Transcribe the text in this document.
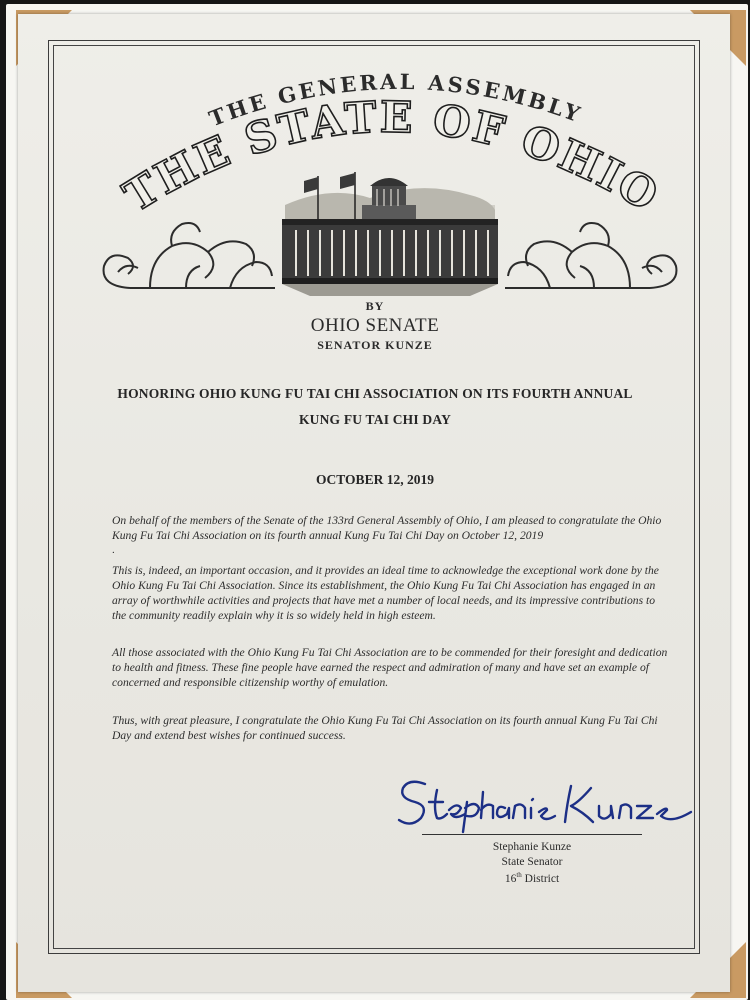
THE GENERAL ASSEMBLY
THE STATE OF OHIO
BY
OHIO SENATE
SENATOR KUNZE
HONORING OHIO KUNG FU TAI CHI ASSOCIATION ON ITS FOURTH ANNUAL
KUNG FU TAI CHI DAY
OCTOBER 12, 2019
On behalf of the members of the Senate of the 133rd General Assembly of Ohio, I am pleased to congratulate the Ohio Kung Fu Tai Chi Association on its fourth annual Kung Fu Tai Chi Day on October 12, 2019
.
This is, indeed, an important occasion, and it provides an ideal time to acknowledge the exceptional work done by the Ohio Kung Fu Tai Chi Association. Since its establishment, the Ohio Kung Fu Tai Chi Association has engaged in an array of worthwhile activities and projects that have met a number of local needs, and its impressive contributions to the community readily explain why it is so widely held in high esteem.
All those associated with the Ohio Kung Fu Tai Chi Association are to be commended for their foresight and dedication to health and fitness. These fine people have earned the respect and admiration of many and have set an example of concerned and responsible citizenship worthy of emulation.
Thus, with great pleasure, I congratulate the Ohio Kung Fu Tai Chi Association on its fourth annual Kung Fu Tai Chi Day and extend best wishes for continued success.
Stephanie Kunze
State Senator
16th District
